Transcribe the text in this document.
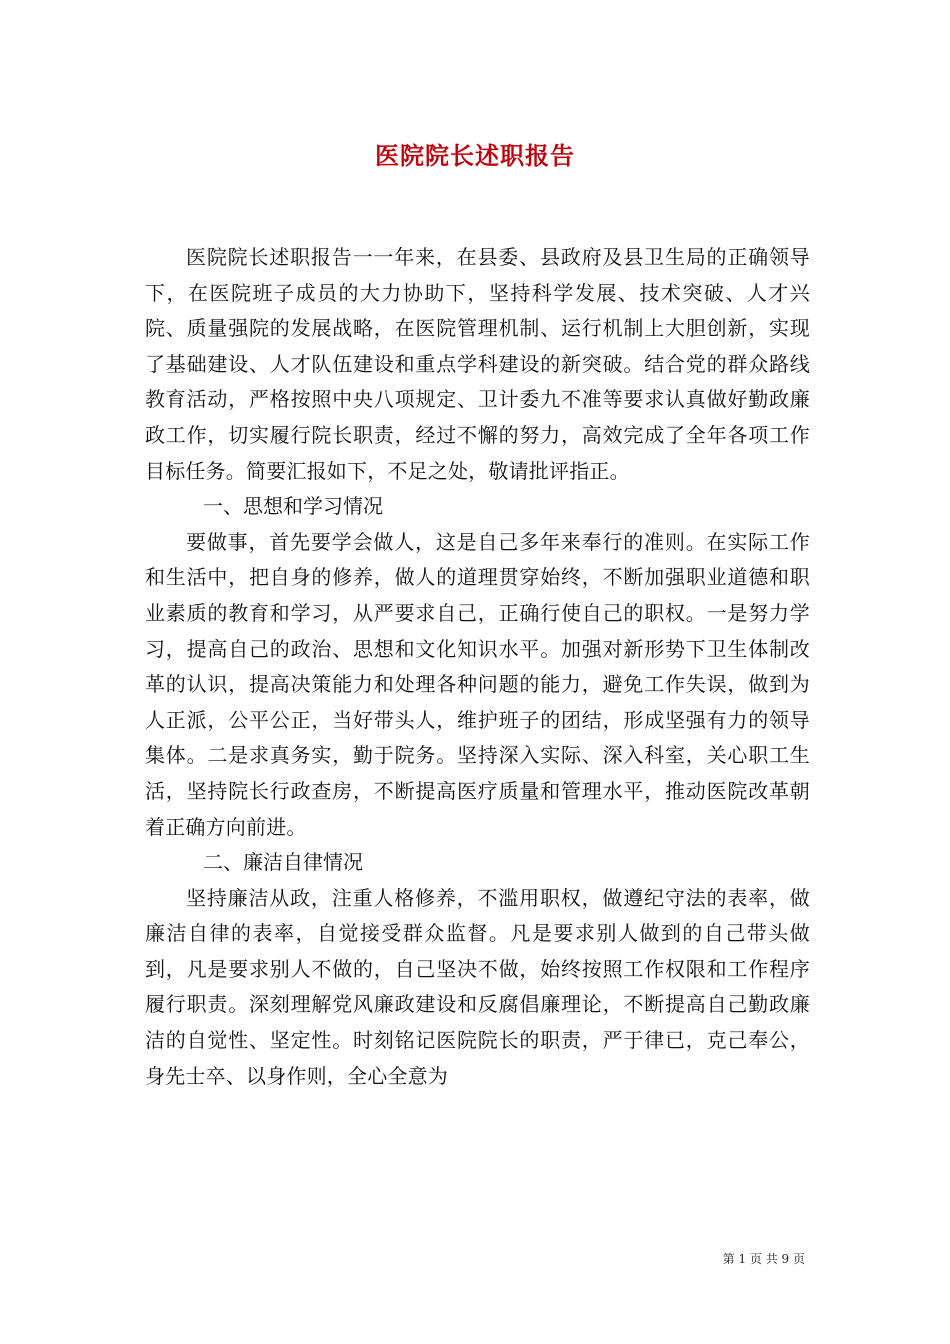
医院院长述职报告

医院院长述职报告一一年来，在县委、县政府及县卫生局的正确领导下，在医院班子成员的大力协助下，坚持科学发展、技术突破、人才兴院、质量强院的发展战略，在医院管理机制、运行机制上大胆创新，实现了基础建设、人才队伍建设和重点学科建设的新突破。结合党的群众路线教育活动，严格按照中央八项规定、卫计委九不准等要求认真做好勤政廉政工作，切实履行院长职责，经过不懈的努力，高效完成了全年各项工作目标任务。简要汇报如下，不足之处，敬请批评指正。

一、思想和学习情况

要做事，首先要学会做人，这是自己多年来奉行的准则。在实际工作和生活中，把自身的修养，做人的道理贯穿始终，不断加强职业道德和职业素质的教育和学习，从严要求自己，正确行使自己的职权。一是努力学习，提高自己的政治、思想和文化知识水平。加强对新形势下卫生体制改革的认识，提高决策能力和处理各种问题的能力，避免工作失误，做到为人正派，公平公正，当好带头人，维护班子的团结，形成坚强有力的领导集体。二是求真务实，勤于院务。坚持深入实际、深入科室，关心职工生活，坚持院长行政查房，不断提高医疗质量和管理水平，推动医院改革朝着正确方向前进。

二、廉洁自律情况

坚持廉洁从政，注重人格修养，不滥用职权，做遵纪守法的表率，做廉洁自律的表率，自觉接受群众监督。凡是要求别人做到的自己带头做到，凡是要求别人不做的，自己坚决不做，始终按照工作权限和工作程序履行职责。深刻理解党风廉政建设和反腐倡廉理论，不断提高自己勤政廉洁的自觉性、坚定性。时刻铭记医院院长的职责，严于律已，克己奉公，身先士卒、以身作则，全心全意为

第 1 页 共 9 页
